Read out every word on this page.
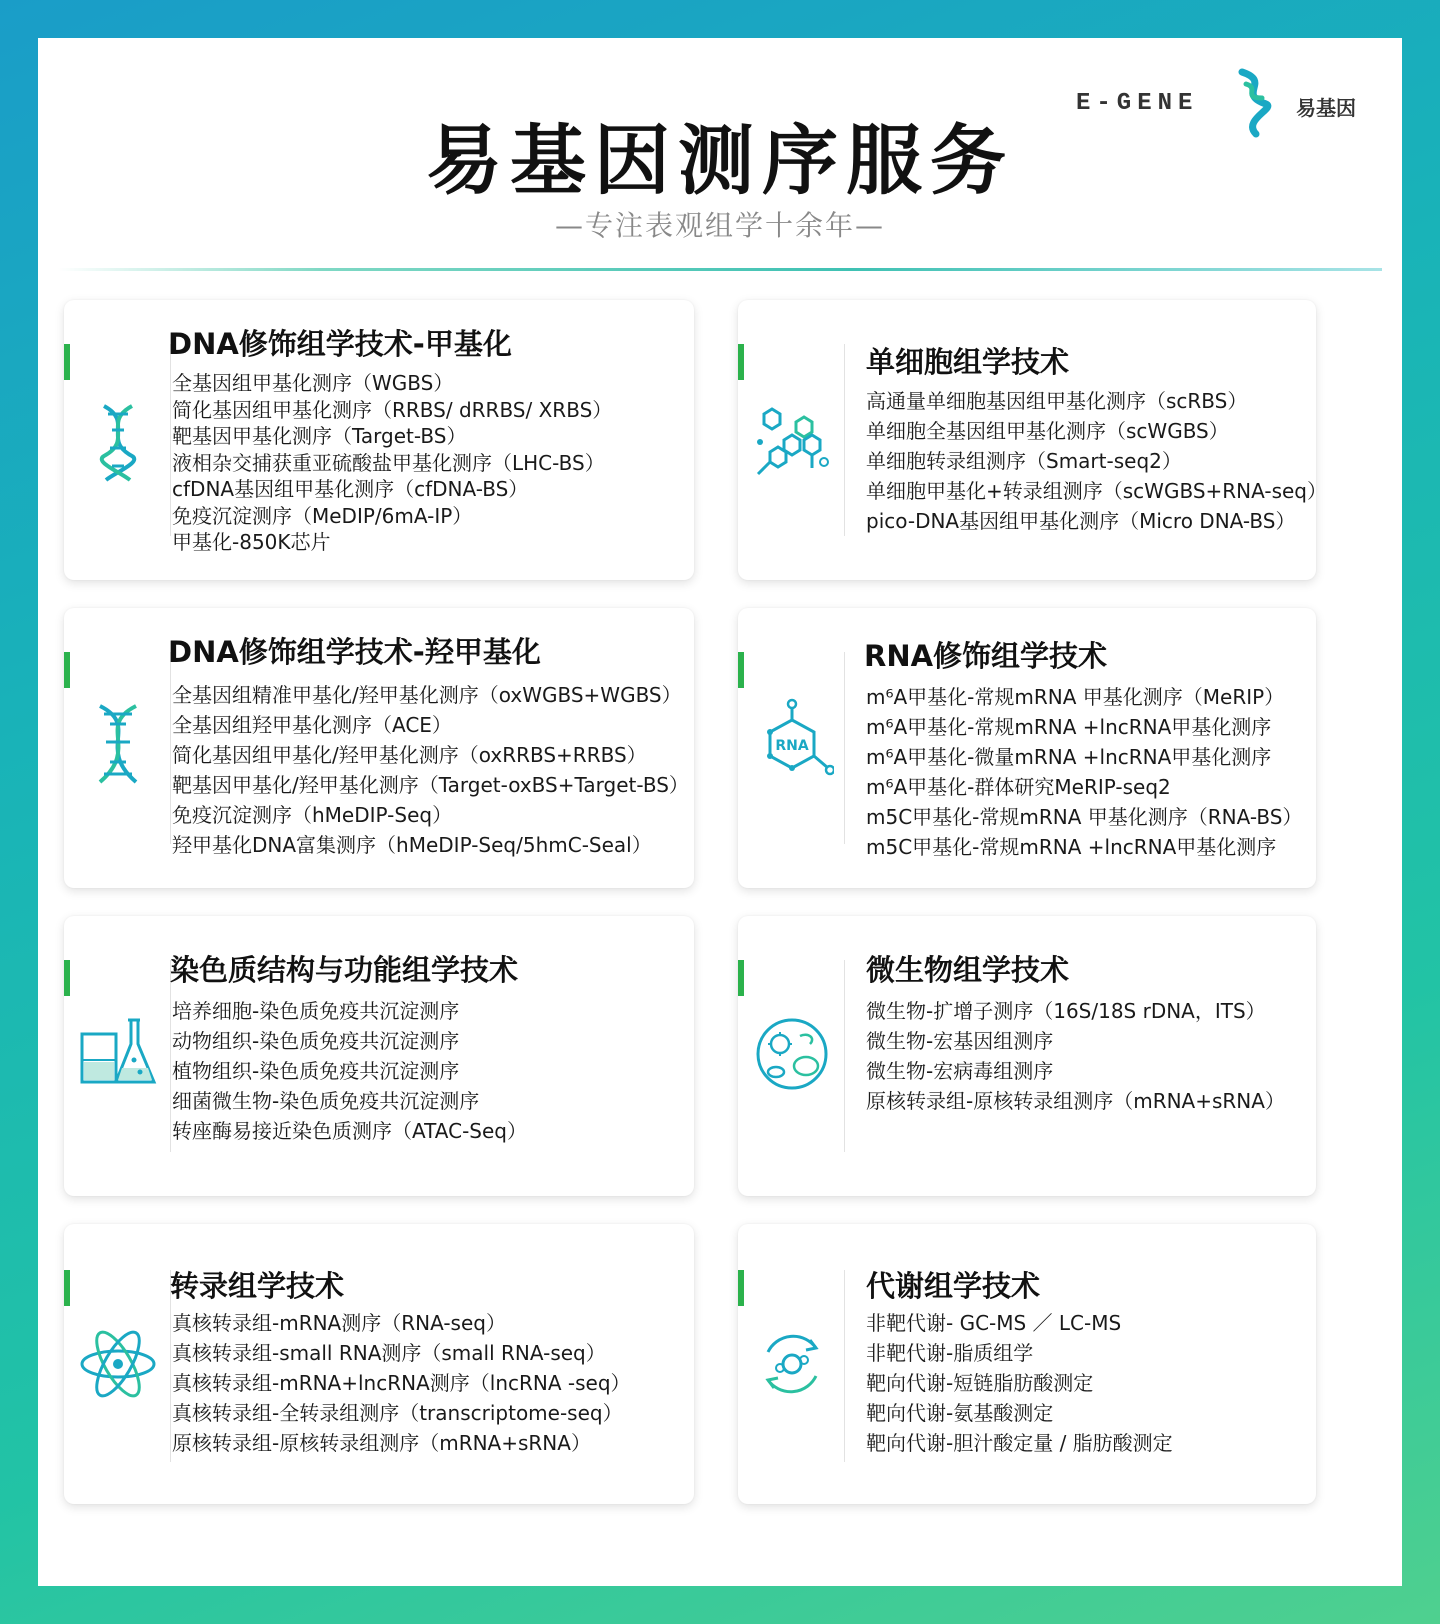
易基因测序服务
—专注表观组学十余年—
E-GENE	易基因
DNA修饰组学技术-甲基化
全基因组甲基化测序（WGBS）
简化基因组甲基化测序（RRBS/ dRRBS/ XRBS）
靶基因甲基化测序（Target-BS）
液相杂交捕获重亚硫酸盐甲基化测序（LHC-BS）
cfDNA基因组甲基化测序（cfDNA-BS）
免疫沉淀测序（MeDIP/6mA-IP）
甲基化-850K芯片
单细胞组学技术
高通量单细胞基因组甲基化测序（scRBS）
单细胞全基因组甲基化测序（scWGBS）
单细胞转录组测序（Smart-seq2）
单细胞甲基化+转录组测序（scWGBS+RNA-seq）
pico-DNA基因组甲基化测序（Micro DNA-BS）
DNA修饰组学技术-羟甲基化
全基因组精准甲基化/羟甲基化测序（oxWGBS+WGBS）
全基因组羟甲基化测序（ACE）
简化基因组甲基化/羟甲基化测序（oxRRBS+RRBS）
靶基因甲基化/羟甲基化测序（Target-oxBS+Target-BS）
免疫沉淀测序（hMeDIP-Seq）
羟甲基化DNA富集测序（hMeDIP-Seq/5hmC-Seal）
RNA
RNA修饰组学技术
m⁶A甲基化-常规mRNA 甲基化测序（MeRIP）
m⁶A甲基化-常规mRNA +lncRNA甲基化测序
m⁶A甲基化-微量mRNA +lncRNA甲基化测序
m⁶A甲基化-群体研究MeRIP-seq2
m5C甲基化-常规mRNA 甲基化测序（RNA-BS）
m5C甲基化-常规mRNA +lncRNA甲基化测序
染色质结构与功能组学技术
培养细胞-染色质免疫共沉淀测序
动物组织-染色质免疫共沉淀测序
植物组织-染色质免疫共沉淀测序
细菌微生物-染色质免疫共沉淀测序
转座酶易接近染色质测序（ATAC-Seq）
微生物组学技术
微生物-扩增子测序（16S/18S rDNA，ITS）
微生物-宏基因组测序
微生物-宏病毒组测序
原核转录组-原核转录组测序（mRNA+sRNA）
转录组学技术
真核转录组-mRNA测序（RNA-seq）
真核转录组-small RNA测序（small RNA-seq）
真核转录组-mRNA+lncRNA测序（lncRNA -seq）
真核转录组-全转录组测序（transcriptome-seq）
原核转录组-原核转录组测序（mRNA+sRNA）
代谢组学技术
非靶代谢- GC-MS ／ LC-MS
非靶代谢-脂质组学
靶向代谢-短链脂肪酸测定
靶向代谢-氨基酸测定
靶向代谢-胆汁酸定量 / 脂肪酸测定
知乎 @易基因科技
